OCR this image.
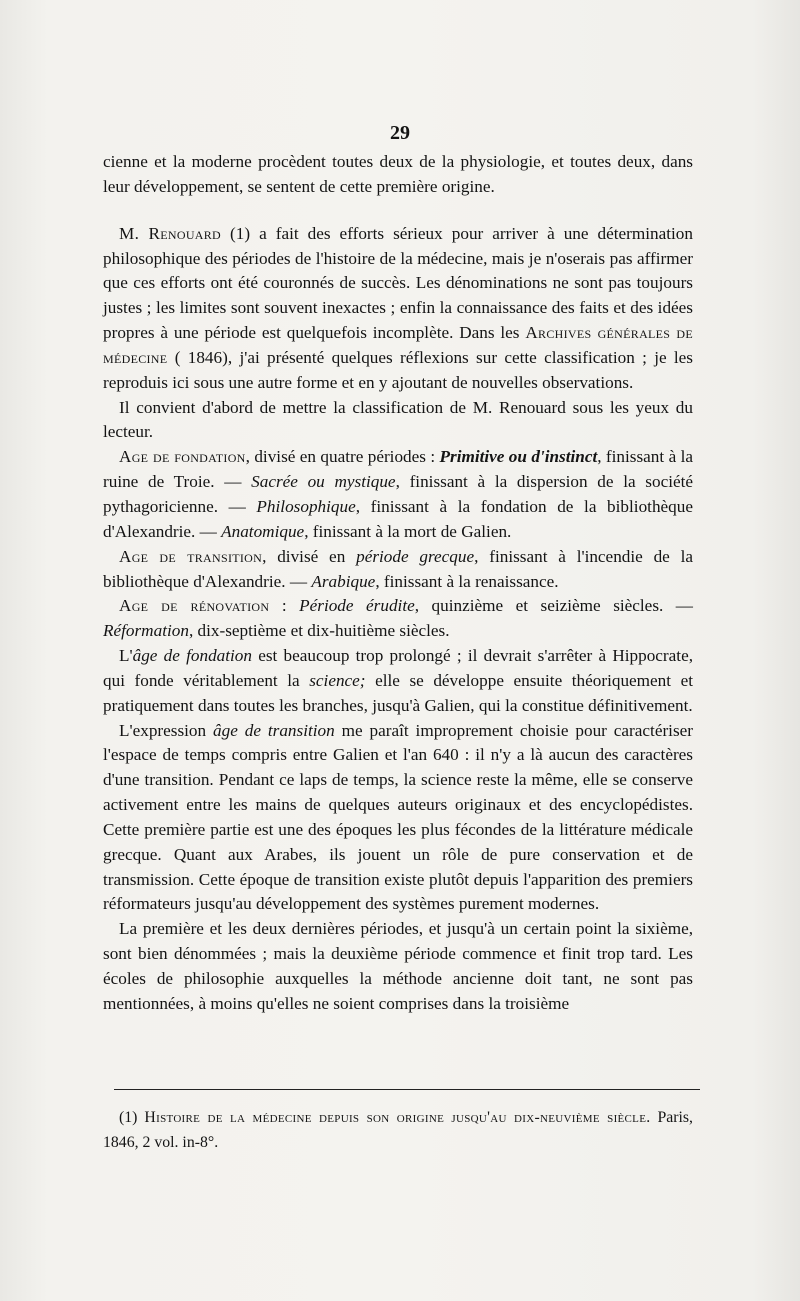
29

cienne et la moderne procèdent toutes deux de la physiologie, et toutes deux, dans leur développement, se sentent de cette première origine.

M. Renouard (1) a fait des efforts sérieux pour arriver à une détermination philosophique des périodes de l'histoire de la médecine, mais je n'oserais pas affirmer que ces efforts ont été couronnés de succès. Les dénominations ne sont pas toujours justes ; les limites sont souvent inexactes ; enfin la connaissance des faits et des idées propres à une période est quelquefois incomplète. Dans les Archives générales de médecine ( 1846), j'ai présenté quelques réflexions sur cette classification ; je les reproduis ici sous une autre forme et en y ajoutant de nouvelles observations.

Il convient d'abord de mettre la classification de M. Renouard sous les yeux du lecteur.

Age de fondation, divisé en quatre périodes : Primitive ou d'instinct, finissant à la ruine de Troie. — Sacrée ou mystique, finissant à la dispersion de la société pythagoricienne. — Philosophique, finissant à la fondation de la bibliothèque d'Alexandrie. — Anatomique, finissant à la mort de Galien.

Age de transition, divisé en période grecque, finissant à l'incendie de la bibliothèque d'Alexandrie. — Arabique, finissant à la renaissance.

Age de rénovation : Période érudite, quinzième et seizième siècles. — Réformation, dix-septième et dix-huitième siècles.

L'âge de fondation est beaucoup trop prolongé ; il devrait s'arrêter à Hippocrate, qui fonde véritablement la science; elle se développe ensuite théoriquement et pratiquement dans toutes les branches, jusqu'à Galien, qui la constitue définitivement.

L'expression âge de transition me paraît improprement choisie pour caractériser l'espace de temps compris entre Galien et l'an 640 : il n'y a là aucun des caractères d'une transition. Pendant ce laps de temps, la science reste la même, elle se conserve activement entre les mains de quelques auteurs originaux et des encyclopédistes. Cette première partie est une des époques les plus fécondes de la littérature médicale grecque. Quant aux Arabes, ils jouent un rôle de pure conservation et de transmission. Cette époque de transition existe plutôt depuis l'apparition des premiers réformateurs jusqu'au développement des systèmes purement modernes.

La première et les deux dernières périodes, et jusqu'à un certain point la sixième, sont bien dénommées ; mais la deuxième période commence et finit trop tard. Les écoles de philosophie auxquelles la méthode ancienne doit tant, ne sont pas mentionnées, à moins qu'elles ne soient comprises dans la troisième

(1) Histoire de la médecine depuis son origine jusqu'au dix-neuvième siècle. Paris, 1846, 2 vol. in-8°.
